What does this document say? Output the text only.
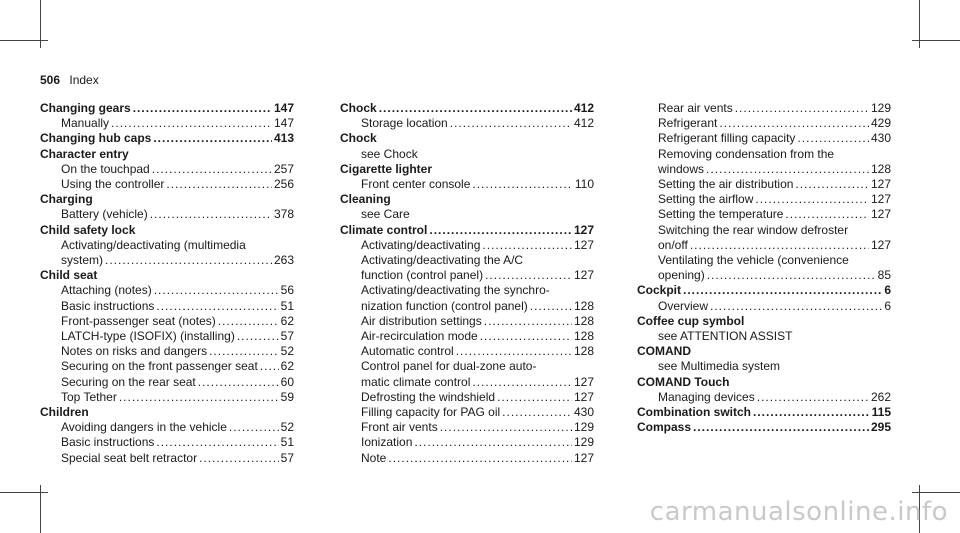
506 Index
Changing gears .....	147
Manually .....	147
Changing hub caps .....	413
Character entry
On the touchpad .....	257
Using the controller .....	256
Charging
Battery (vehicle) .....	378
Child safety lock
Activating/deactivating (multimedia
system) .....	263
Child seat
Attaching (notes) .....	56
Basic instructions .....	51
Front-passenger seat (notes) .....	62
LATCH-type (ISOFIX) (installing) .....	57
Notes on risks and dangers .....	52
Securing on the front passenger seat ..... 62
Securing on the rear seat .....	60
Top Tether .....	59
Children
Avoiding dangers in the vehicle .....	52
Basic instructions .....	51
Special seat belt retractor .....	57
Chock .....	412
Storage location .....	412
Chock
see Chock
Cigarette lighter
Front center console .....	110
Cleaning
see Care
Climate control .....	127
Activating/deactivating .....	127
Activating/deactivating the A/C
function (control panel) .....	127
Activating/deactivating the synchro-
nization function (control panel) .....	128
Air distribution settings .....	128
Air-recirculation mode .....	128
Automatic control .....	128
Control panel for dual-zone auto-
matic climate control .....	127
Defrosting the windshield .....	127
Filling capacity for PAG oil .....	430
Front air vents .....	129
Ionization .....	129
Note .....	127
Rear air vents .....	129
Refrigerant .....	429
Refrigerant filling capacity .....	430
Removing condensation from the
windows .....	128
Setting the air distribution .....	127
Setting the airflow .....	127
Setting the temperature .....	127
Switching the rear window defroster
on/off .....	127
Ventilating the vehicle (convenience
opening) .....	85
Cockpit .....	6
Overview .....	6
Coffee cup symbol
see ATTENTION ASSIST
COMAND
see Multimedia system
COMAND Touch
Managing devices .....	262
Combination switch .....	115
Compass .....	295
carmanualsonline.info
